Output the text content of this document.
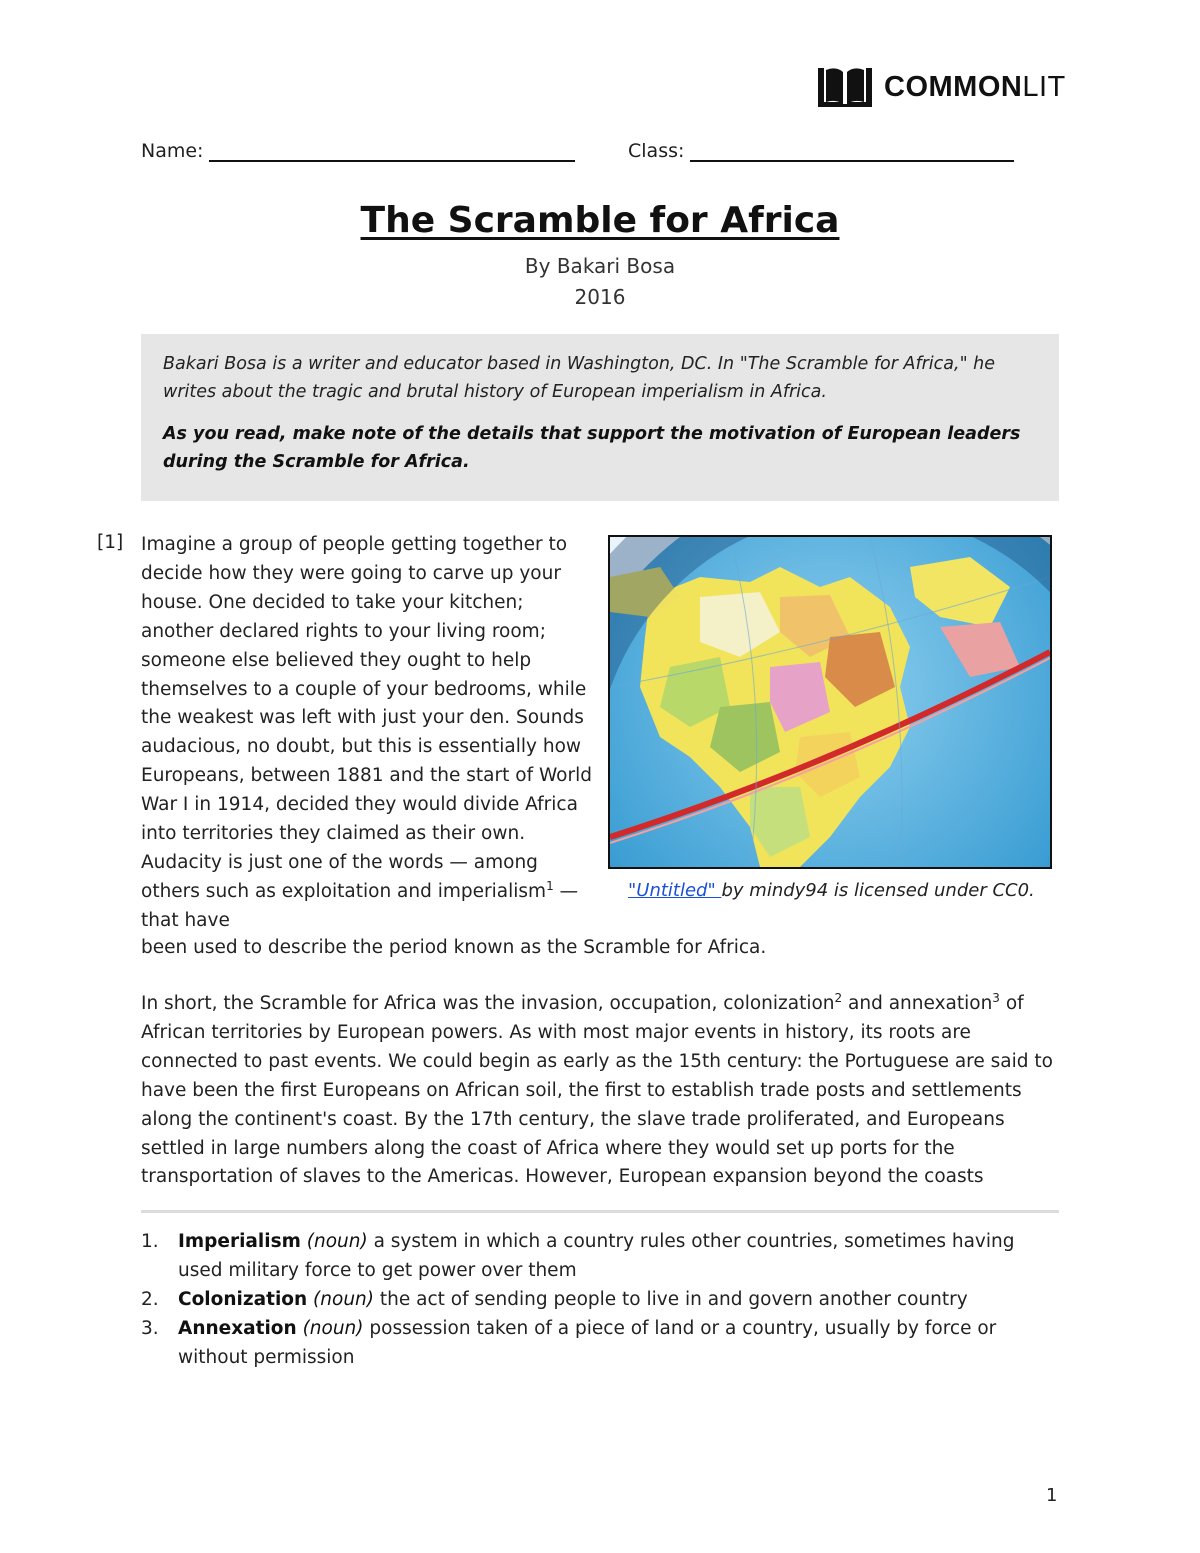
COMMONLIT
Name:	Class:
The Scramble for Africa
By Bakari Bosa
2016

Bakari Bosa is a writer and educator based in Washington, DC. In "The Scramble for Africa," he writes about the tragic and brutal history of European imperialism in Africa.

As you read, make note of the details that support the motivation of European leaders during the Scramble for Africa.

[1] Imagine a group of people getting together to decide how they were going to carve up your house. One decided to take your kitchen; another declared rights to your living room; someone else believed they ought to help themselves to a couple of your bedrooms, while the weakest was left with just your den. Sounds audacious, no doubt, but this is essentially how Europeans, between 1881 and the start of World War I in 1914, decided they would divide Africa into territories they claimed as their own. Audacity is just one of the words — among others such as exploitation and imperialism$^1$ — that have

been used to describe the period known as the Scramble for Africa.

"Untitled" by mindy94 is licensed under CC0.

In short, the Scramble for Africa was the invasion, occupation, colonization$^2$ and annexation$^3$ of African territories by European powers. As with most major events in history, its roots are connected to past events. We could begin as early as the 15th century: the Portuguese are said to have been the first Europeans on African soil, the first to establish trade posts and settlements along the continent's coast. By the 17th century, the slave trade proliferated, and Europeans settled in large numbers along the coast of Africa where they would set up ports for the transportation of slaves to the Americas. However, European expansion beyond the coasts

1. Imperialism (noun) a system in which a country rules other countries, sometimes having used military force to get power over them
2. Colonization (noun) the act of sending people to live in and govern another country
3. Annexation (noun) possession taken of a piece of land or a country, usually by force or without permission
1
